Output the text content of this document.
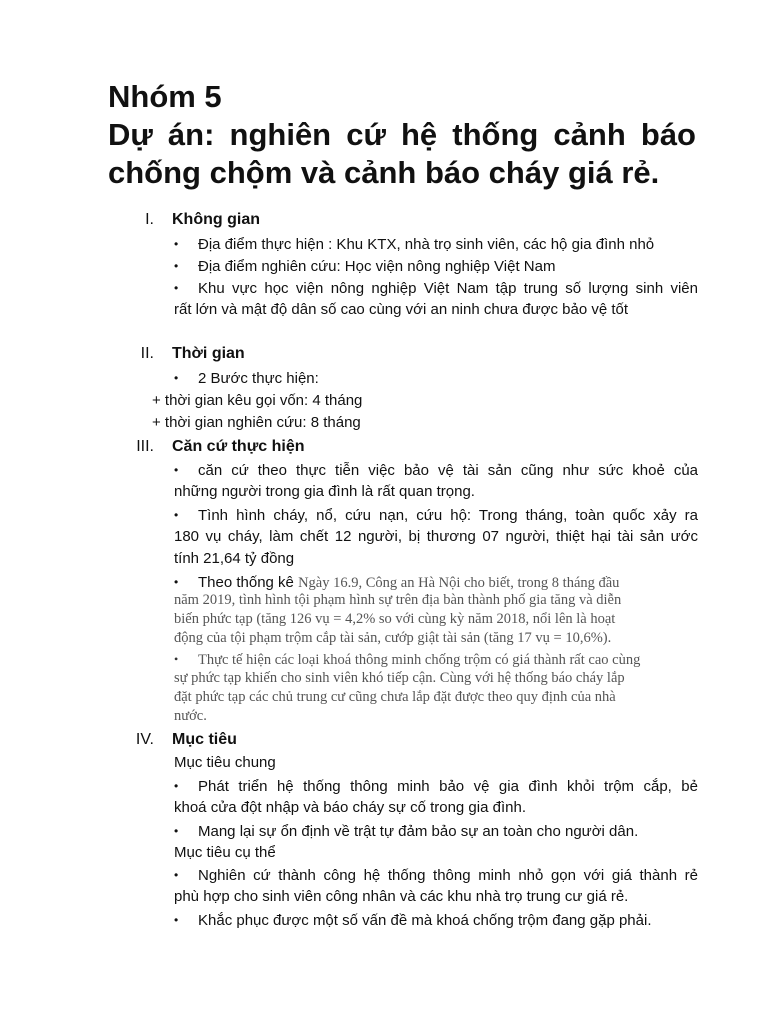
Nhóm 5

Dự án: nghiên cứ hệ thống cảnh báo

chống chộm và cảnh báo cháy giá rẻ.

I. Không gian
• Địa điểm thực hiện : Khu KTX, nhà trọ sinh viên, các hộ gia đình nhỏ
• Địa điểm nghiên cứu: Học viện nông nghiệp Việt Nam
• Khu vực học viện nông nghiệp Việt Nam tập trung số lượng sinh viên
rất lớn và mật độ dân số cao cùng với an ninh chưa được bảo vệ tốt
II. Thời gian
• 2 Bước thực hiện:
+ thời gian kêu gọi vốn: 4 tháng
+ thời gian nghiên cứu: 8 tháng
III. Căn cứ thực hiện
• căn cứ theo thực tiễn việc bảo vệ tài sản cũng như sức khoẻ của
những người trong gia đình là rất quan trọng.
• Tình hình cháy, nổ, cứu nạn, cứu hộ: Trong tháng, toàn quốc xảy ra
180 vụ cháy, làm chết 12 người, bị thương 07 người, thiệt hại tài sản ước
tính 21,64 tỷ đồng
• Theo thống kê Ngày 16.9, Công an Hà Nội cho biết, trong 8 tháng đầu
năm 2019, tình hình tội phạm hình sự trên địa bàn thành phố gia tăng và diễn
biến phức tạp (tăng 126 vụ = 4,2% so với cùng kỳ năm 2018, nổi lên là hoạt
động của tội phạm trộm cắp tài sản, cướp giật tài sản (tăng 17 vụ = 10,6%).
• Thực tế hiện các loại khoá thông minh chống trộm có giá thành rất cao cùng
sự phức tạp khiến cho sinh viên khó tiếp cận. Cùng với hệ thống báo cháy lắp
đặt phức tạp các chủ trung cư cũng chưa lắp đặt được theo quy định của nhà
nước.
IV. Mục tiêu
Mục tiêu chung
• Phát triển hệ thống thông minh bảo vệ gia đình khỏi trộm cắp, bẻ
khoá cửa đột nhập và báo cháy sự cố trong gia đình.
• Mang lại sự ổn định về trật tự đảm bảo sự an toàn cho người dân.
Mục tiêu cụ thể
• Nghiên cứ thành công hệ thống thông minh nhỏ gọn với giá thành rẻ
phù hợp cho sinh viên công nhân và các khu nhà trọ trung cư giá rẻ.
• Khắc phục được một số vấn đề mà khoá chống trộm đang gặp phải.
